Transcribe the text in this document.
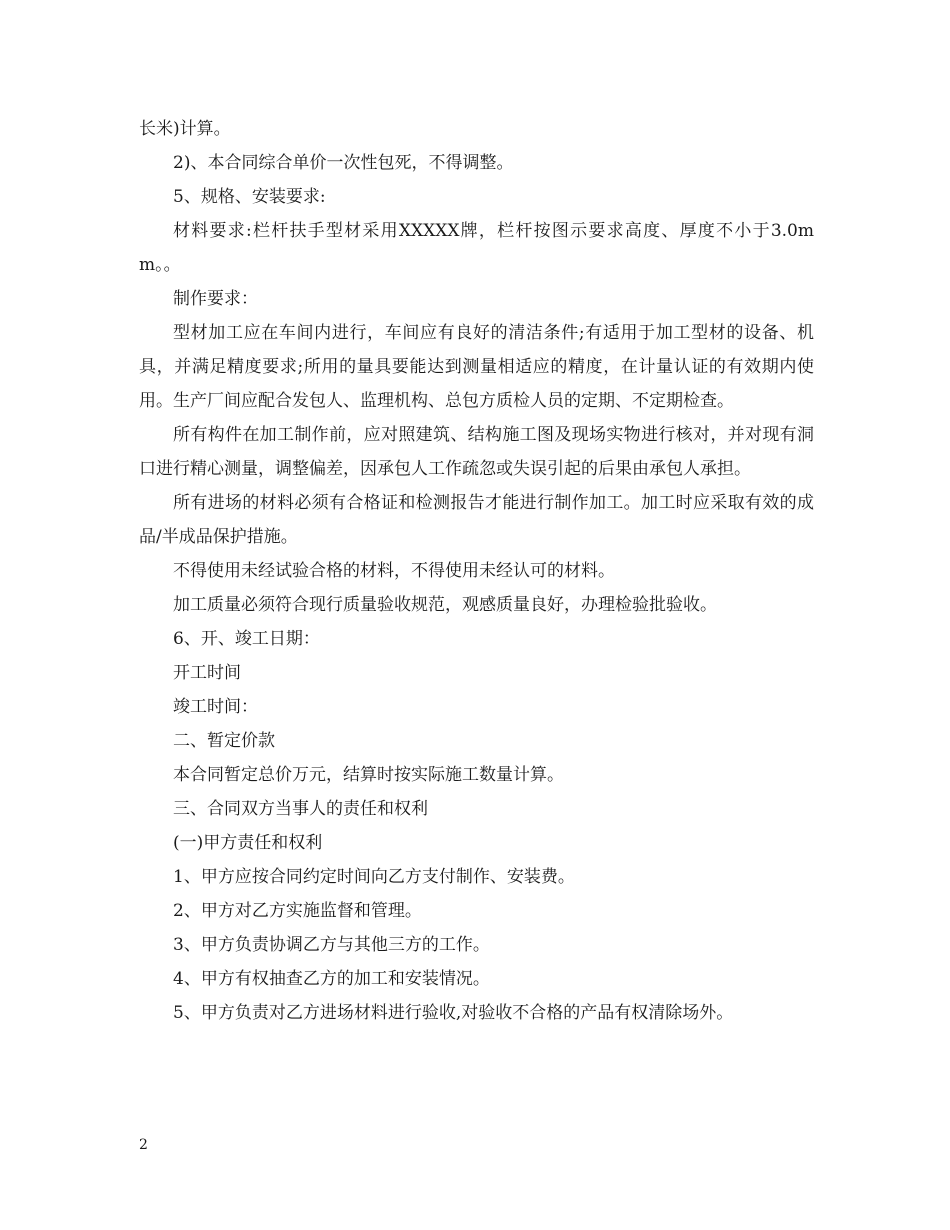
长米)计算。

2)、本合同综合单价一次性包死，不得调整。

5、规格、安装要求:

材料要求:栏杆扶手型材采用XXXXX牌，栏杆按图示要求高度、厚度不小于3.0mm。。

制作要求：

型材加工应在车间内进行，车间应有良好的清洁条件;有适用于加工型材的设备、机具，并满足精度要求;所用的量具要能达到测量相适应的精度，在计量认证的有效期内使用。生产厂间应配合发包人、监理机构、总包方质检人员的定期、不定期检查。

所有构件在加工制作前，应对照建筑、结构施工图及现场实物进行核对，并对现有洞口进行精心测量，调整偏差，因承包人工作疏忽或失误引起的后果由承包人承担。

所有进场的材料必须有合格证和检测报告才能进行制作加工。加工时应采取有效的成品/半成品保护措施。

不得使用未经试验合格的材料，不得使用未经认可的材料。

加工质量必须符合现行质量验收规范，观感质量良好，办理检验批验收。

6、开、竣工日期：

开工时间

竣工时间：

二、暂定价款

本合同暂定总价万元，结算时按实际施工数量计算。

三、合同双方当事人的责任和权利

(一)甲方责任和权利

1、甲方应按合同约定时间向乙方支付制作、安装费。

2、甲方对乙方实施监督和管理。

3、甲方负责协调乙方与其他三方的工作。

4、甲方有权抽查乙方的加工和安装情况。

5、甲方负责对乙方进场材料进行验收,对验收不合格的产品有权清除场外。

2
